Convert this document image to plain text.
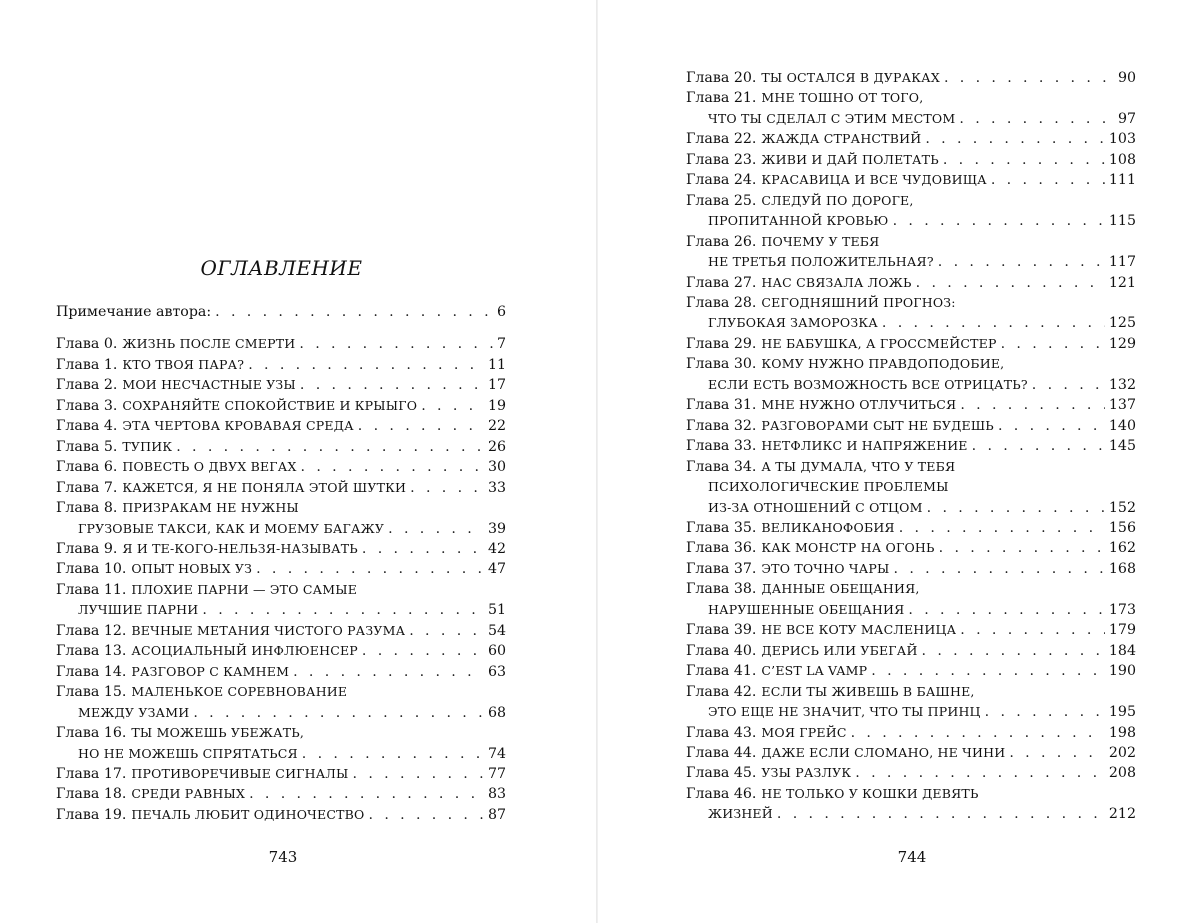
ОГЛАВЛЕНИЕ
Примечание автора: . . .	6
Глава 0. ЖИЗНЬ ПОСЛЕ СМЕРТИ . . .	7
Глава 1. КТО ТВОЯ ПАРА? . . .	11
Глава 2. МОИ НЕСЧАСТНЫЕ УЗЫ . . .	17
Глава 3. СОХРАНЯЙТЕ СПОКОЙСТВИЕ И КРЫЫГО . . .	19
Глава 4. ЭТА ЧЕРТОВА КРОВАВАЯ СРЕДА . . .	22
Глава 5. ТУПИК . . .	26
Глава 6. ПОВЕСТЬ О ДВУХ ВЕГАХ . . .	30
Глава 7. КАЖЕТСЯ, Я НЕ ПОНЯЛА ЭТОЙ ШУТКИ . . .	33
Глава 8. ПРИЗРАКАМ НЕ НУЖНЫ
ГРУЗОВЫЕ ТАКСИ, КАК И МОЕМУ БАГАЖУ . . .	39
Глава 9. Я И ТЕ-КОГО-НЕЛЬЗЯ-НАЗЫВАТЬ . . .	42
Глава 10. ОПЫТ НОВЫХ УЗ . . .	47
Глава 11. ПЛОХИЕ ПАРНИ — ЭТО САМЫЕ
ЛУЧШИЕ ПАРНИ . . .	51
Глава 12. ВЕЧНЫЕ МЕТАНИЯ ЧИСТОГО РАЗУМА . . .	54
Глава 13. АСОЦИАЛЬНЫЙ ИНФЛЮЕНСЕР . . .	60
Глава 14. РАЗГОВОР С КАМНЕМ . . .	63
Глава 15. МАЛЕНЬКОЕ СОРЕВНОВАНИЕ
МЕЖДУ УЗАМИ . . .	68
Глава 16. ТЫ МОЖЕШЬ УБЕЖАТЬ,
НО НЕ МОЖЕШЬ СПРЯТАТЬСЯ . . .	74
Глава 17. ПРОТИВОРЕЧИВЫЕ СИГНАЛЫ . . .	77
Глава 18. СРЕДИ РАВНЫХ . . .	83
Глава 19. ПЕЧАЛЬ ЛЮБИТ ОДИНОЧЕСТВО . . .	87
743
Глава 20. ТЫ ОСТАЛСЯ В ДУРАКАХ . . .	90
Глава 21. МНЕ ТОШНО ОТ ТОГО,
ЧТО ТЫ СДЕЛАЛ С ЭТИМ МЕСТОМ . . .	97
Глава 22. ЖАЖДА СТРАНСТВИЙ . . .	103
Глава 23. ЖИВИ И ДАЙ ПОЛЕТАТЬ . . .	108
Глава 24. КРАСАВИЦА И ВСЕ ЧУДОВИЩА . . .	111
Глава 25. СЛЕДУЙ ПО ДОРОГЕ,
ПРОПИТАННОЙ КРОВЬЮ . . .	115
Глава 26. ПОЧЕМУ У ТЕБЯ
НЕ ТРЕТЬЯ ПОЛОЖИТЕЛЬНАЯ? . . .	117
Глава 27. НАС СВЯЗАЛА ЛОЖЬ . . .	121
Глава 28. СЕГОДНЯШНИЙ ПРОГНОЗ:
ГЛУБОКАЯ ЗАМОРОЗКА . . .	125
Глава 29. НЕ БАБУШКА, А ГРОССМЕЙСТЕР . . .	129
Глава 30. КОМУ НУЖНО ПРАВДОПОДОБИЕ,
ЕСЛИ ЕСТЬ ВОЗМОЖНОСТЬ ВСЕ ОТРИЦАТЬ? . . .	132
Глава 31. МНЕ НУЖНО ОТЛУЧИТЬСЯ . . .	137
Глава 32. РАЗГОВОРАМИ СЫТ НЕ БУДЕШЬ . . .	140
Глава 33. НЕТФЛИКС И НАПРЯЖЕНИЕ . . .	145
Глава 34. А ТЫ ДУМАЛА, ЧТО У ТЕБЯ
ПСИХОЛОГИЧЕСКИЕ ПРОБЛЕМЫ
ИЗ-ЗА ОТНОШЕНИЙ С ОТЦОМ . . .	152
Глава 35. ВЕЛИКАНОФОБИЯ . . .	156
Глава 36. КАК МОНСТР НА ОГОНЬ . . .	162
Глава 37. ЭТО ТОЧНО ЧАРЫ . . .	168
Глава 38. ДАННЫЕ ОБЕЩАНИЯ,
НАРУШЕННЫЕ ОБЕЩАНИЯ . . .	173
Глава 39. НЕ ВСЕ КОТУ МАСЛЕНИЦА . . .	179
Глава 40. ДЕРИСЬ ИЛИ УБЕГАЙ . . .	184
Глава 41. C’EST LA VAMP . . .	190
Глава 42. ЕСЛИ ТЫ ЖИВЕШЬ В БАШНЕ,
ЭТО ЕЩЕ НЕ ЗНАЧИТ, ЧТО ТЫ ПРИНЦ . . .	195
Глава 43. МОЯ ГРЕЙС . . .	198
Глава 44. ДАЖЕ ЕСЛИ СЛОМАНО, НЕ ЧИНИ . . .	202
Глава 45. УЗЫ РАЗЛУК . . .	208
Глава 46. НЕ ТОЛЬКО У КОШКИ ДЕВЯТЬ
ЖИЗНЕЙ . . .	212
744
